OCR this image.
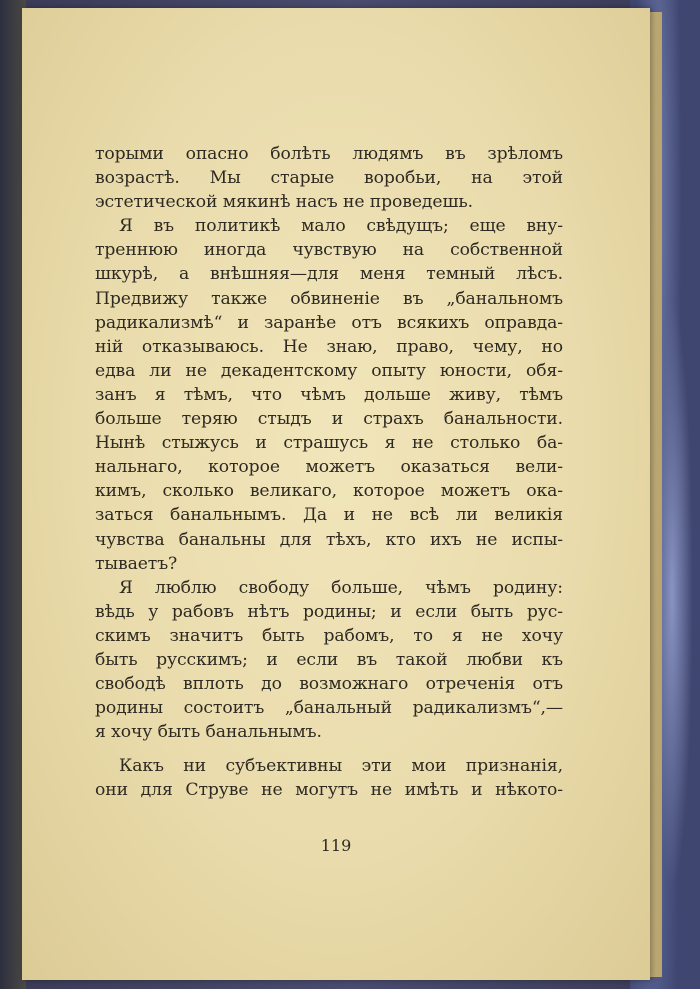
торыми опасно болѣть людямъ въ зрѣломъ
возрастѣ. Мы старые воробьи, на этой
эстетической мякинѣ насъ не проведешь.
Я въ политикѣ мало свѣдущъ; еще вну-
треннюю иногда чувствую на собственной
шкурѣ, а внѣшняя—для меня темный лѣсъ.
Предвижу также обвиненіе въ „банальномъ
радикализмѣ“ и заранѣе отъ всякихъ оправда-
ній отказываюсь. Не знаю, право, чему, но
едва ли не декадентскому опыту юности, обя-
занъ я тѣмъ, что чѣмъ дольше живу, тѣмъ
больше теряю стыдъ и страхъ банальности.
Нынѣ стыжусь и страшусь я не столько ба-
нальнаго, которое можетъ оказаться вели-
кимъ, сколько великаго, которое можетъ ока-
заться банальнымъ. Да и не всѣ ли великія
чувства банальны для тѣхъ, кто ихъ не испы-
тываетъ?
Я люблю свободу больше, чѣмъ родину:
вѣдь у рабовъ нѣтъ родины; и если быть рус-
скимъ значитъ быть рабомъ, то я не хочу
быть русскимъ; и если въ такой любви къ
свободѣ вплоть до возможнаго отреченія отъ
родины состоитъ „банальный радикализмъ“,—
я хочу быть банальнымъ.
Какъ ни субъективны эти мои признанія,
они для Струве не могутъ не имѣть и нѣкото-
119
